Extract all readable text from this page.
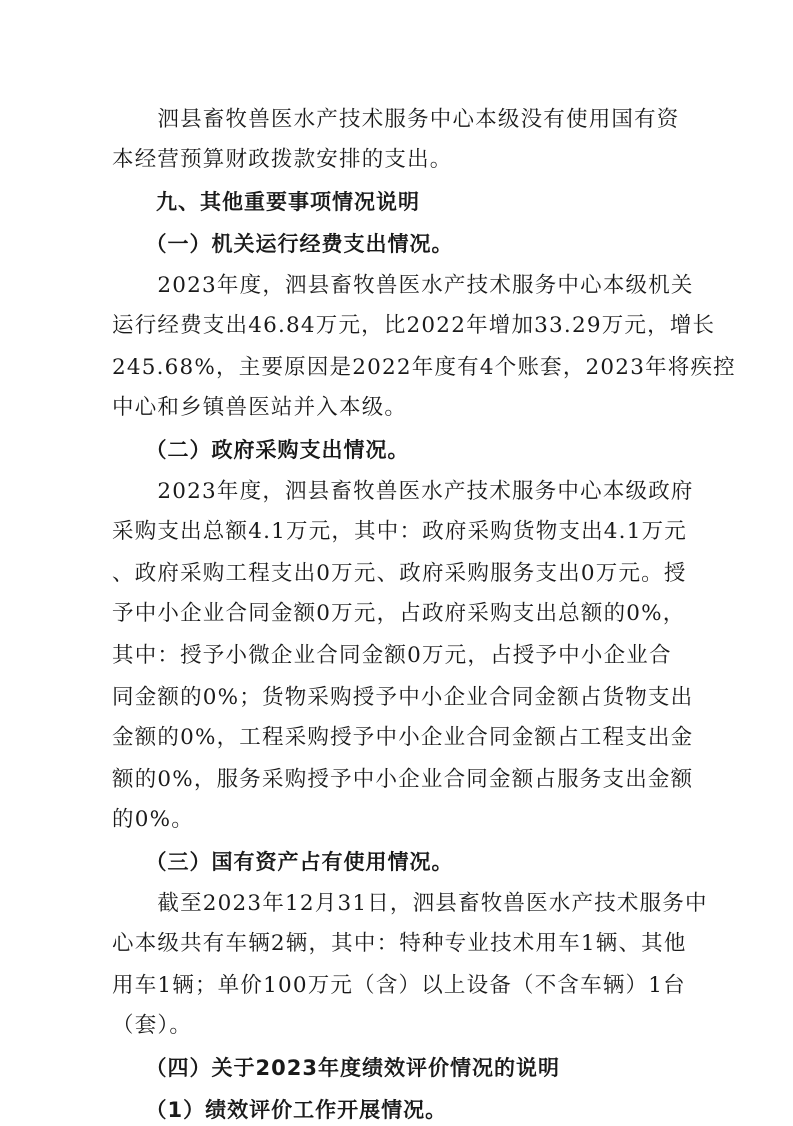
　　泗县畜牧兽医水产技术服务中心本级没有使用国有资
本经营预算财政拨款安排的支出。
　　九、其他重要事项情况说明
　　（一）机关运行经费支出情况。
　　2023年度，泗县畜牧兽医水产技术服务中心本级机关
运行经费支出46.84万元，比2022年增加33.29万元，增长
245.68%，主要原因是2022年度有4个账套，2023年将疾控
中心和乡镇兽医站并入本级。
　　（二）政府采购支出情况。
　　2023年度，泗县畜牧兽医水产技术服务中心本级政府
采购支出总额4.1万元，其中：政府采购货物支出4.1万元
、政府采购工程支出0万元、政府采购服务支出0万元。授
予中小企业合同金额0万元，占政府采购支出总额的0%，
其中：授予小微企业合同金额0万元，占授予中小企业合
同金额的0%；货物采购授予中小企业合同金额占货物支出
金额的0%，工程采购授予中小企业合同金额占工程支出金
额的0%，服务采购授予中小企业合同金额占服务支出金额
的0%。
　　（三）国有资产占有使用情况。
　　截至2023年12月31日，泗县畜牧兽医水产技术服务中
心本级共有车辆2辆，其中：特种专业技术用车1辆、其他
用车1辆；单价100万元（含）以上设备（不含车辆）1台
（套）。
　　（四）关于2023年度绩效评价情况的说明
　　（1）绩效评价工作开展情况。
